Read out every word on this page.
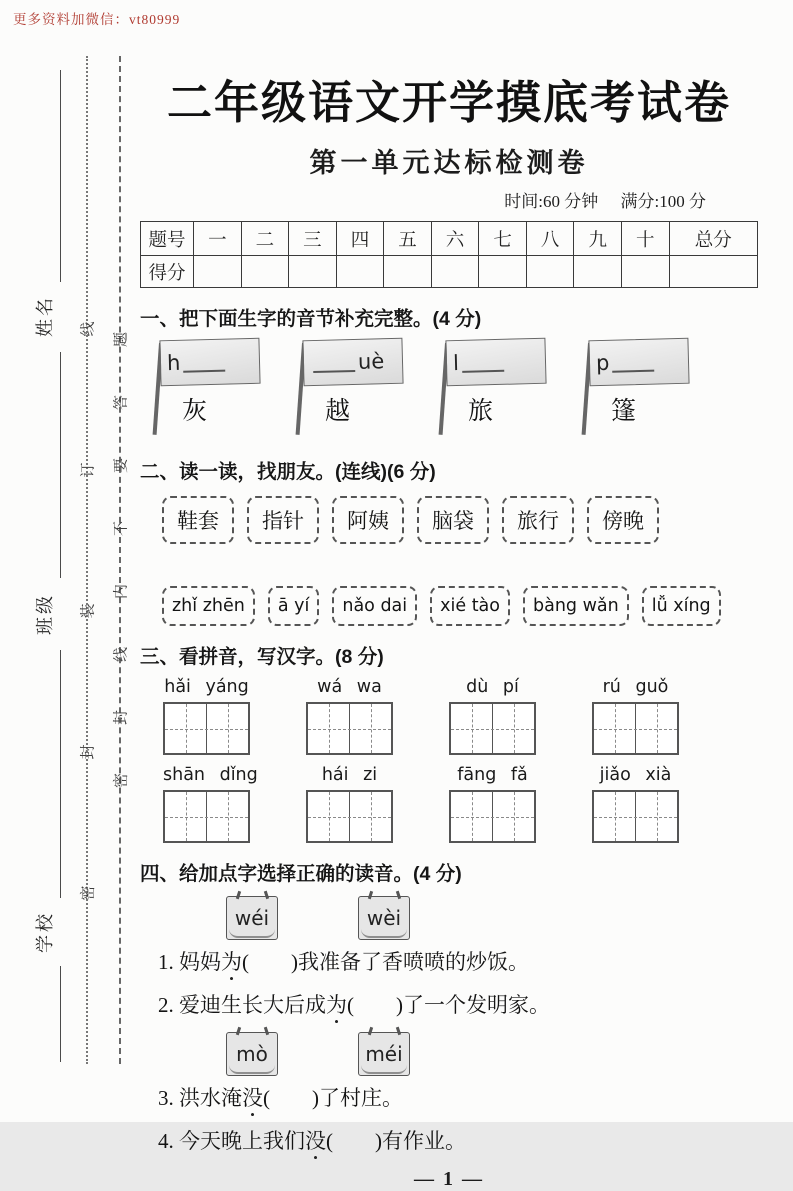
更多资料加微信：vt80999
姓名
班级
学校
密封装订线 密封线内不要答题
二年级语文开学摸底考试卷
第一单元达标检测卷
时间:60 分钟 满分:100 分
题号	一	二	三	四	五	六	七	八	九	十	总分
得分											
一、把下面生字的音节补充完整。(4 分)
h
灰
uè
越
l
旅
p
篷
二、读一读，找朋友。(连线)(6 分)
鞋套	指针	阿姨	脑袋	旅行	傍晚
zhǐ zhēn	ā yí	nǎo dai	xié tào	bàng wǎn	lǚ xíng
三、看拼音，写汉字。(8 分)
hǎi yáng	wá wa	dù pí	rú guǒ
shān dǐng	hái zi	fāng fǎ	jiǎo xià
四、给加点字选择正确的读音。(4 分)
wéi	wèi
1. 妈妈为(　　)我准备了香喷喷的炒饭。
2. 爱迪生长大后成为(　　)了一个发明家。
mò	méi
3. 洪水淹没(　　)了村庄。
4. 今天晚上我们没(　　)有作业。
— 1 —
